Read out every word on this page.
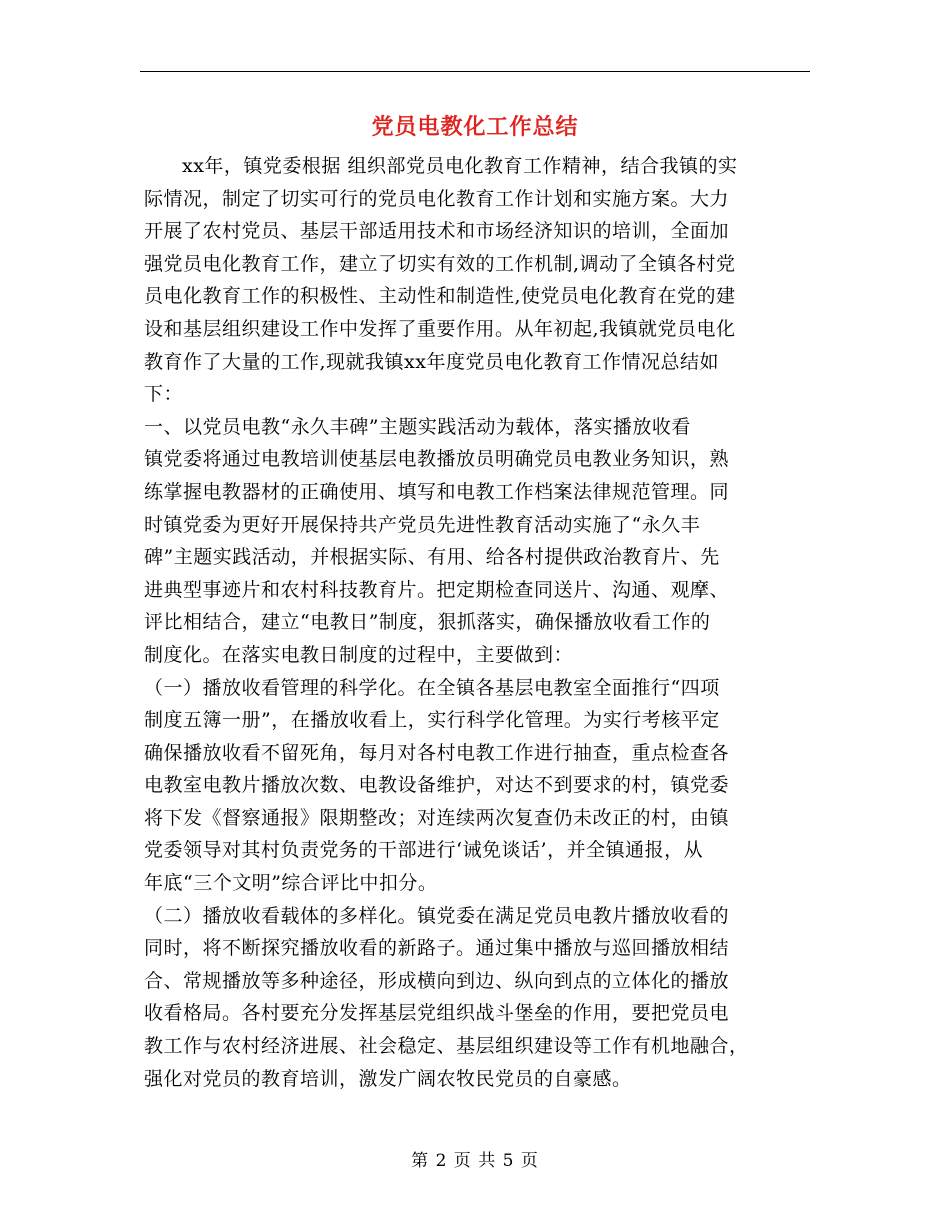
党员电教化工作总结

xx年，镇党委根据 组织部党员电化教育工作精神，结合我镇的实
际情况，制定了切实可行的党员电化教育工作计划和实施方案。大力
开展了农村党员、基层干部适用技术和市场经济知识的培训，全面加
强党员电化教育工作，建立了切实有效的工作机制,调动了全镇各村党
员电化教育工作的积极性、主动性和制造性,使党员电化教育在党的建
设和基层组织建设工作中发挥了重要作用。从年初起,我镇就党员电化
教育作了大量的工作,现就我镇xx年度党员电化教育工作情况总结如
下：

一、以党员电教“永久丰碑”主题实践活动为载体，落实播放收看

镇党委将通过电教培训使基层电教播放员明确党员电教业务知识，熟
练掌握电教器材的正确使用、填写和电教工作档案法律规范管理。同
时镇党委为更好开展保持共产党员先进性教育活动实施了“永久丰
碑”主题实践活动，并根据实际、有用、给各村提供政治教育片、先
进典型事迹片和农村科技教育片。把定期检查同送片、沟通、观摩、
评比相结合，建立“电教日”制度，狠抓落实，确保播放收看工作的
制度化。在落实电教日制度的过程中，主要做到：

（一）播放收看管理的科学化。在全镇各基层电教室全面推行“四项
制度五簿一册”，在播放收看上，实行科学化管理。为实行考核平定
确保播放收看不留死角，每月对各村电教工作进行抽查，重点检查各
电教室电教片播放次数、电教设备维护，对达不到要求的村，镇党委
将下发《督察通报》限期整改；对连续两次复查仍未改正的村，由镇
党委领导对其村负责党务的干部进行‘诫免谈话’，并全镇通报，从
年底“三个文明”综合评比中扣分。

（二）播放收看载体的多样化。镇党委在满足党员电教片播放收看的
同时，将不断探究播放收看的新路子。通过集中播放与巡回播放相结
合、常规播放等多种途径，形成横向到边、纵向到点的立体化的播放
收看格局。各村要充分发挥基层党组织战斗堡垒的作用，要把党员电
教工作与农村经济进展、社会稳定、基层组织建设等工作有机地融合，
强化对党员的教育培训，激发广阔农牧民党员的自豪感。

第 2 页 共 5 页
